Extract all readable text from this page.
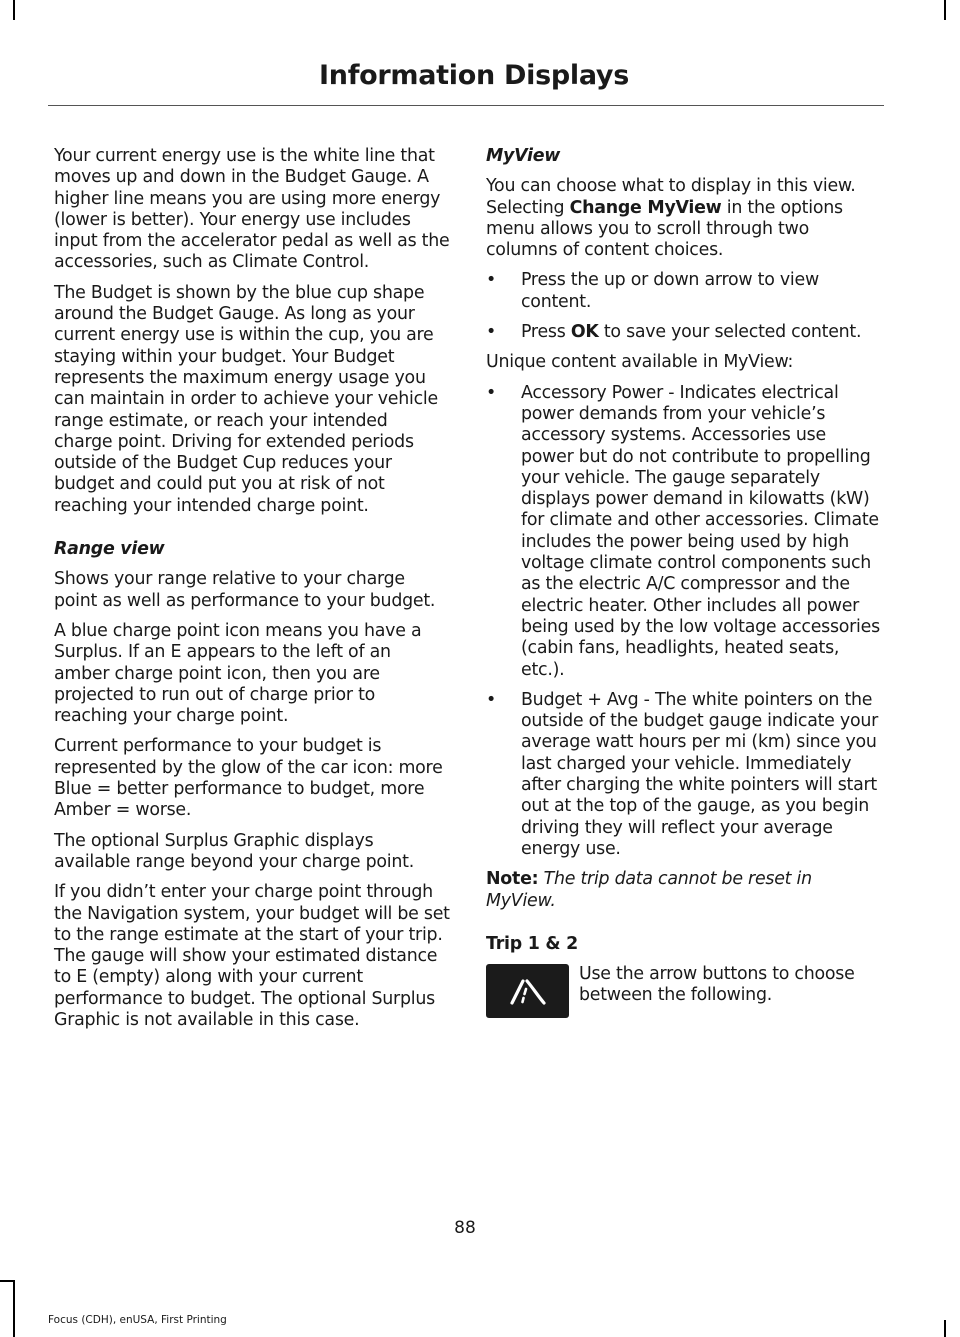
Information Displays

Your current energy use is the white line that moves up and down in the Budget Gauge. A higher line means you are using more energy (lower is better). Your energy use includes input from the accelerator pedal as well as the accessories, such as Climate Control.

The Budget is shown by the blue cup shape around the Budget Gauge. As long as your current energy use is within the cup, you are staying within your budget. Your Budget represents the maximum energy usage you can maintain in order to achieve your vehicle range estimate, or reach your intended charge point. Driving for extended periods outside of the Budget Cup reduces your budget and could put you at risk of not reaching your intended charge point.

Range view

Shows your range relative to your charge point as well as performance to your budget.

A blue charge point icon means you have a Surplus. If an E appears to the left of an amber charge point icon, then you are projected to run out of charge prior to reaching your charge point.

Current performance to your budget is represented by the glow of the car icon: more Blue = better performance to budget, more Amber = worse.

The optional Surplus Graphic displays available range beyond your charge point.

If you didn’t enter your charge point through the Navigation system, your budget will be set to the range estimate at the start of your trip. The gauge will show your estimated distance to E (empty) along with your current performance to budget. The optional Surplus Graphic is not available in this case.

MyView

You can choose what to display in this view. Selecting Change MyView in the options menu allows you to scroll through two columns of content choices.

• Press the up or down arrow to view content.
• Press OK to save your selected content.

Unique content available in MyView:

• Accessory Power - Indicates electrical power demands from your vehicle’s accessory systems. Accessories use power but do not contribute to propelling your vehicle. The gauge separately displays power demand in kilowatts (kW) for climate and other accessories. Climate includes the power being used by high voltage climate control components such as the electric A/C compressor and the electric heater. Other includes all power being used by the low voltage accessories (cabin fans, headlights, heated seats, etc.).
• Budget + Avg - The white pointers on the outside of the budget gauge indicate your average watt hours per mi (km) since you last charged your vehicle. Immediately after charging the white pointers will start out at the top of the gauge, as you begin driving they will reflect your average energy use.

Note: The trip data cannot be reset in MyView.

Trip 1 & 2
Use the arrow buttons to choose between the following.
88
Focus (CDH), enUSA, First Printing
